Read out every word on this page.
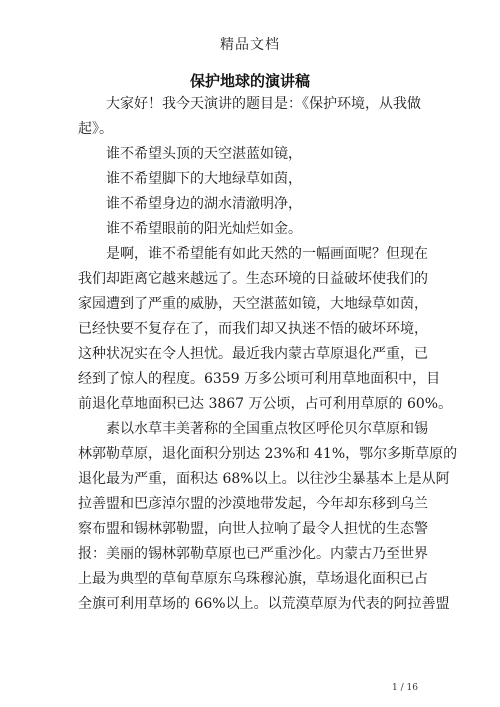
精品文档
保护地球的演讲稿
大家好！我今天演讲的题目是：《保护环境，从我做
起》。
谁不希望头顶的天空湛蓝如镜，
谁不希望脚下的大地绿草如茵，
谁不希望身边的湖水清澈明净，
谁不希望眼前的阳光灿烂如金。
是啊，谁不希望能有如此天然的一幅画面呢？但现在
我们却距离它越来越远了。生态环境的日益破坏使我们的
家园遭到了严重的威胁，天空湛蓝如镜，大地绿草如茵，
已经快要不复存在了，而我们却又执迷不悟的破坏环境，
这种状况实在令人担忧。最近我内蒙古草原退化严重，已
经到了惊人的程度。6359 万多公顷可利用草地面积中，目
前退化草地面积已达 3867 万公顷，占可利用草原的 60%。
素以水草丰美著称的全国重点牧区呼伦贝尔草原和锡
林郭勒草原，退化面积分别达 23%和 41%，鄂尔多斯草原的
退化最为严重，面积达 68%以上。以往沙尘暴基本上是从阿
拉善盟和巴彦淖尔盟的沙漠地带发起，今年却东移到乌兰
察布盟和锡林郭勒盟，向世人拉响了最令人担忧的生态警
报：美丽的锡林郭勒草原也已严重沙化。内蒙古乃至世界
上最为典型的草甸草原东乌珠穆沁旗，草场退化面积已占
全旗可利用草场的 66%以上。以荒漠草原为代表的阿拉善盟
1 / 16
